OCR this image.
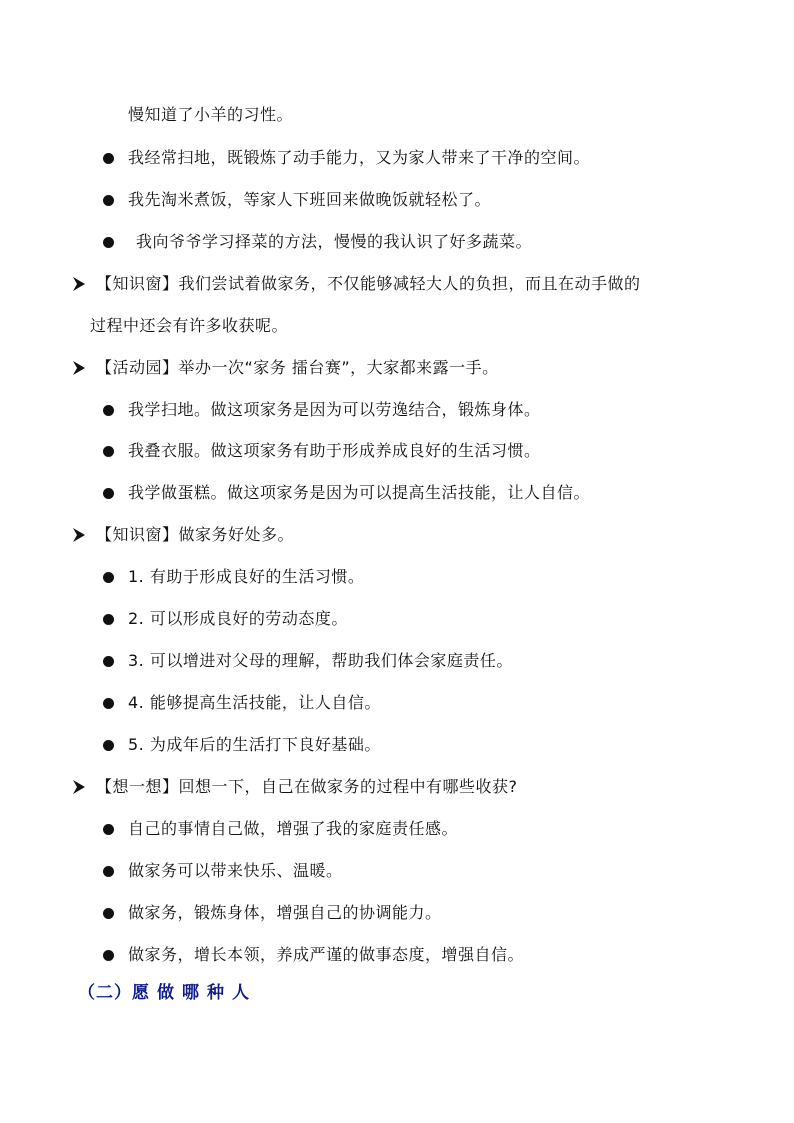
慢知道了小羊的习性。
我经常扫地，既锻炼了动手能力，又为家人带来了干净的空间。
我先淘米煮饭，等家人下班回来做晚饭就轻松了。
我向爷爷学习择菜的方法，慢慢的我认识了好多蔬菜。
【知识窗】我们尝试着做家务，不仅能够减轻大人的负担，而且在动手做的
过程中还会有许多收获呢。
【活动园】举办一次“家务 擂台赛”，大家都来露一手。
我学扫地。做这项家务是因为可以劳逸结合，锻炼身体。
我叠衣服。做这项家务有助于形成养成良好的生活习惯。
我学做蛋糕。做这项家务是因为可以提高生活技能，让人自信。
【知识窗】做家务好处多。
1. 有助于形成良好的生活习惯。
2. 可以形成良好的劳动态度。
3. 可以增进对父母的理解，帮助我们体会家庭责任。
4. 能够提高生活技能，让人自信。
5. 为成年后的生活打下良好基础。
【想一想】回想一下，自己在做家务的过程中有哪些收获?
自己的事情自己做，增强了我的家庭责任感。
做家务可以带来快乐、温暖。
做家务，锻炼身体，增强自己的协调能力。
做家务，增长本领，养成严谨的做事态度，增强自信。
（二）愿 做 哪 种 人
